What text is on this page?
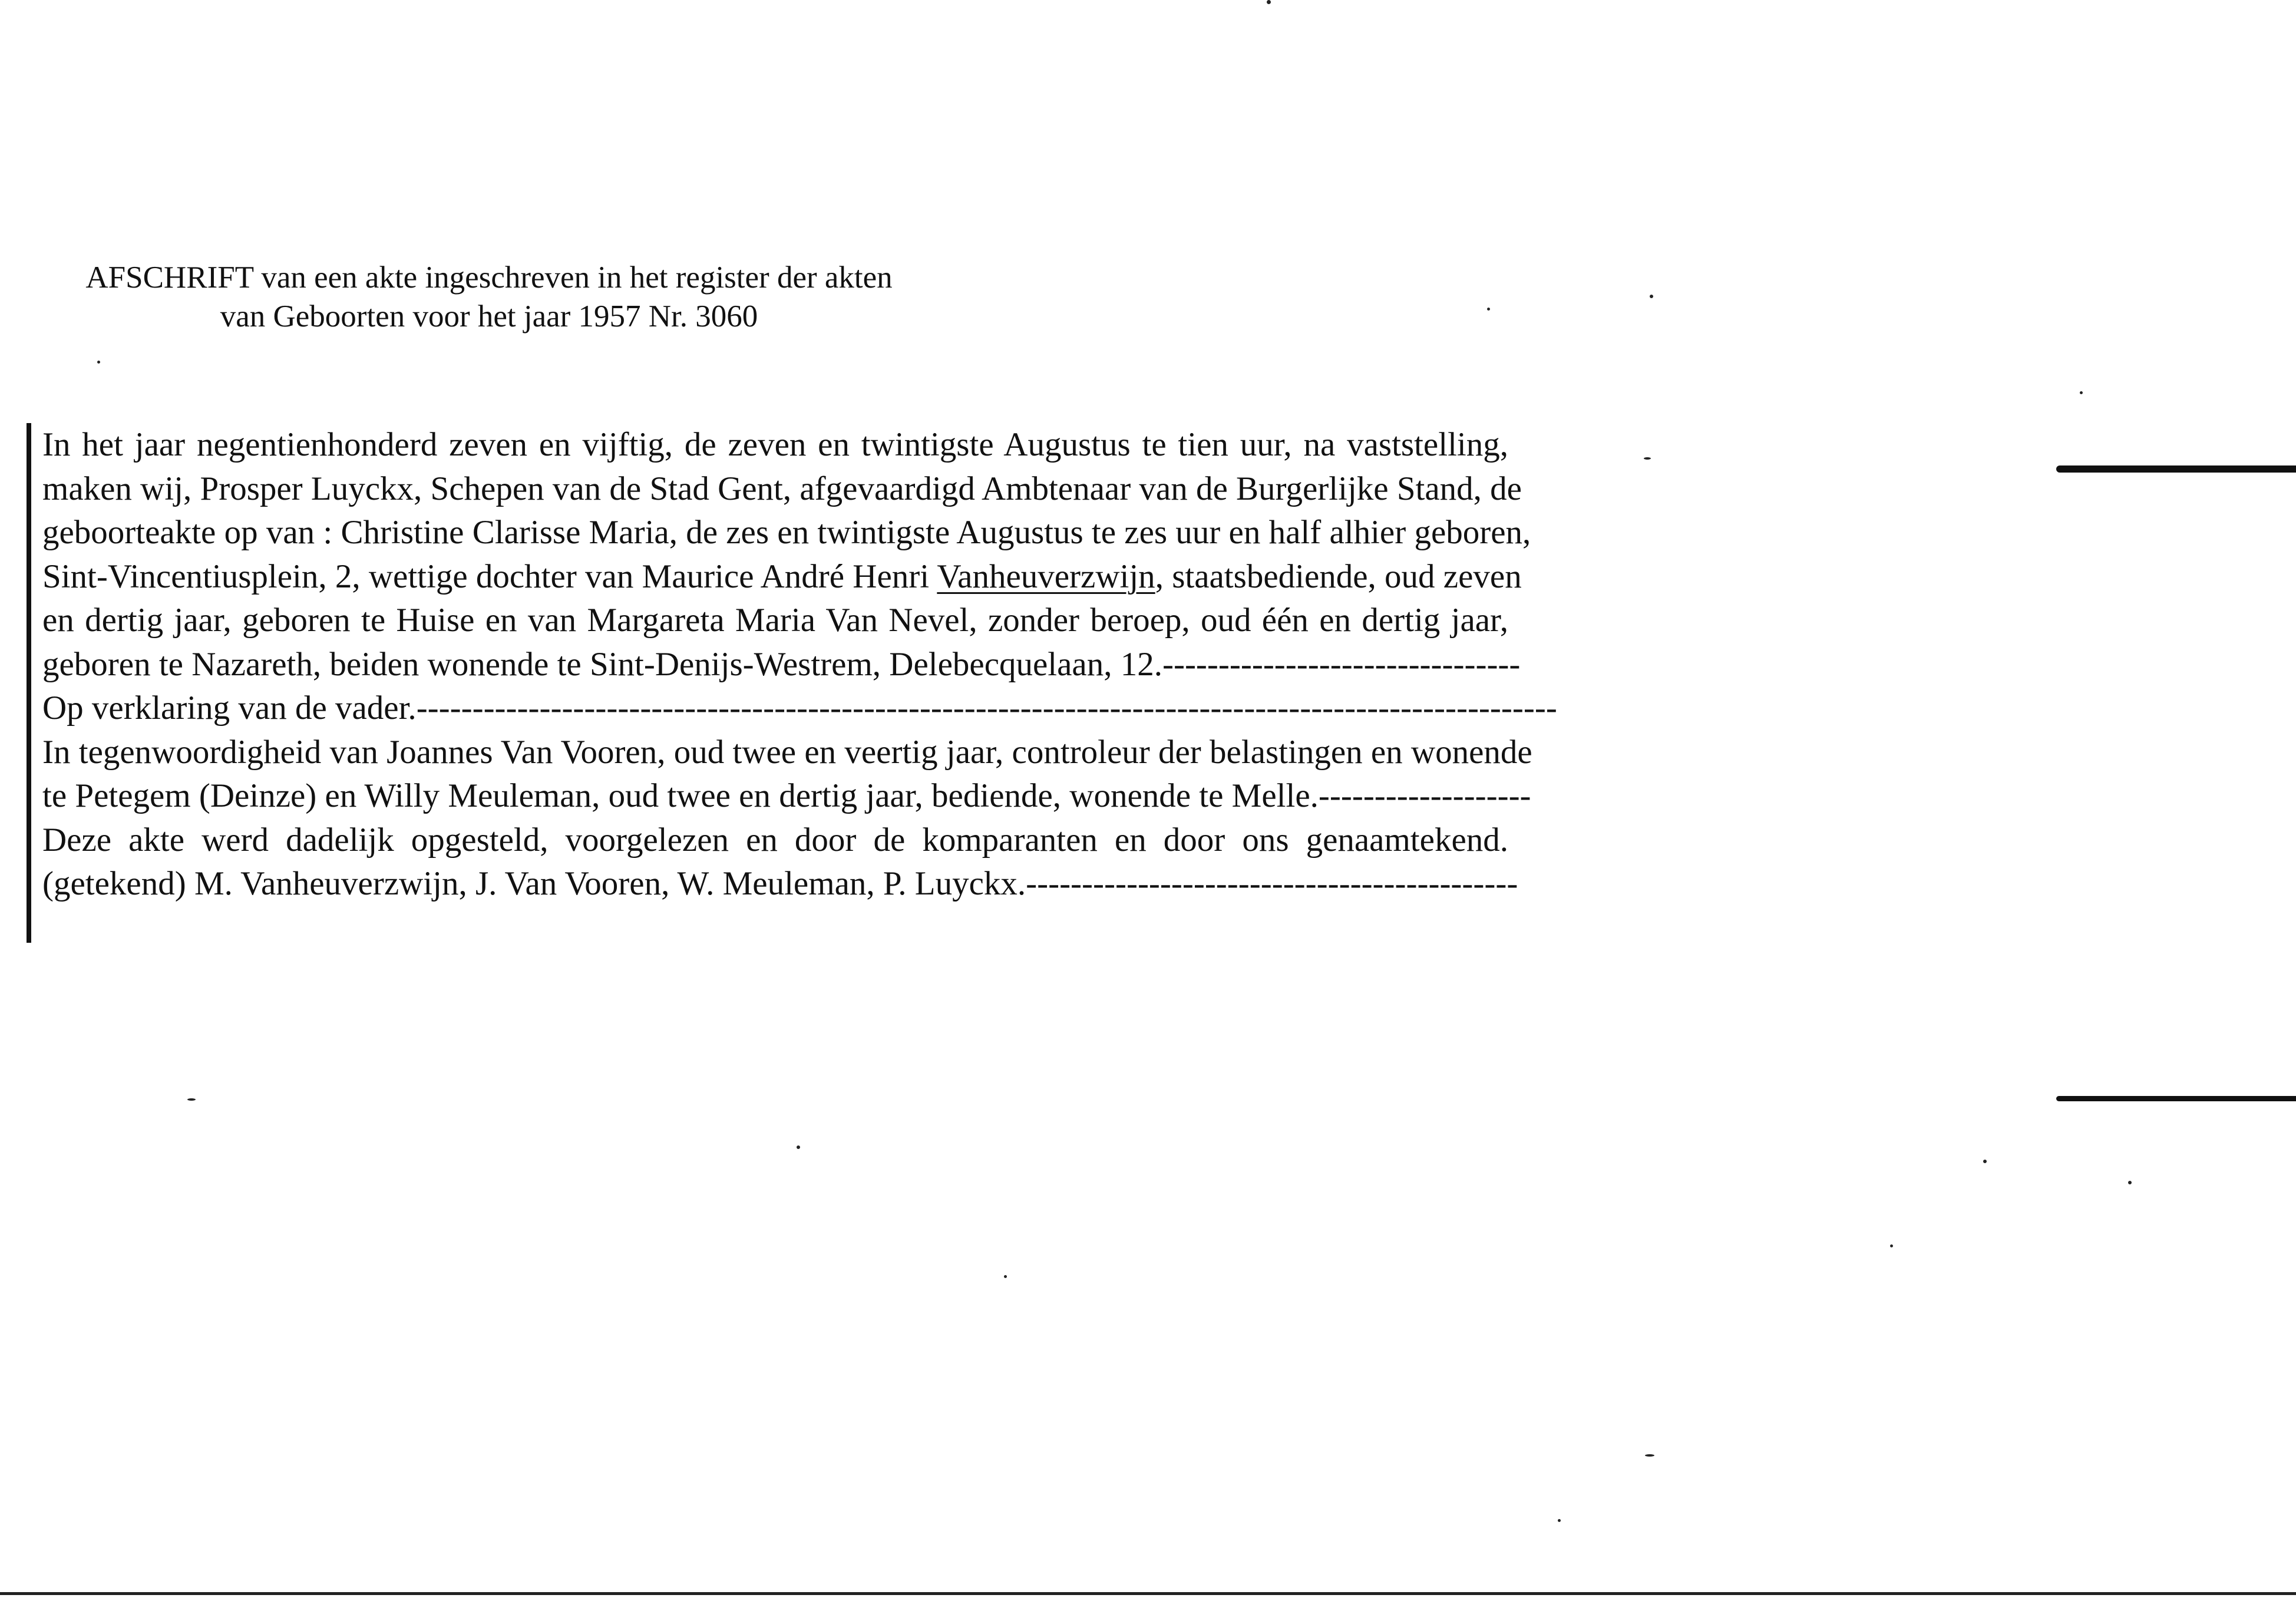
AFSCHRIFT van een akte ingeschreven in het register der akten
van Geboorten voor het jaar 1957 Nr. 3060
In het jaar negentienhonderd zeven en vijftig, de zeven en twintigste Augustus te tien uur, na vaststelling,
maken wij, Prosper Luyckx, Schepen van de Stad Gent, afgevaardigd Ambtenaar van de Burgerlijke Stand, de
geboorteakte op van : Christine Clarisse Maria, de zes en twintigste Augustus te zes uur en half alhier geboren,
Sint-Vincentiusplein, 2, wettige dochter van Maurice André Henri Vanheuverzwijn, staatsbediende, oud zeven
en dertig jaar, geboren te Huise en van Margareta Maria Van Nevel, zonder beroep, oud één en dertig jaar,
geboren te Nazareth, beiden wonende te Sint-Denijs-Westrem, Delebecquelaan, 12.--------------------------------
Op verklaring van de vader.------------------------------------------------------------------------------------------------------
In tegenwoordigheid van Joannes Van Vooren, oud twee en veertig jaar, controleur der belastingen en wonende
te Petegem (Deinze) en Willy Meuleman, oud twee en dertig jaar, bediende, wonende te Melle.-------------------
Deze akte werd dadelijk opgesteld, voorgelezen en door de komparanten en door ons genaamtekend.
(getekend) M. Vanheuverzwijn, J. Van Vooren, W. Meuleman, P. Luyckx.--------------------------------------------
